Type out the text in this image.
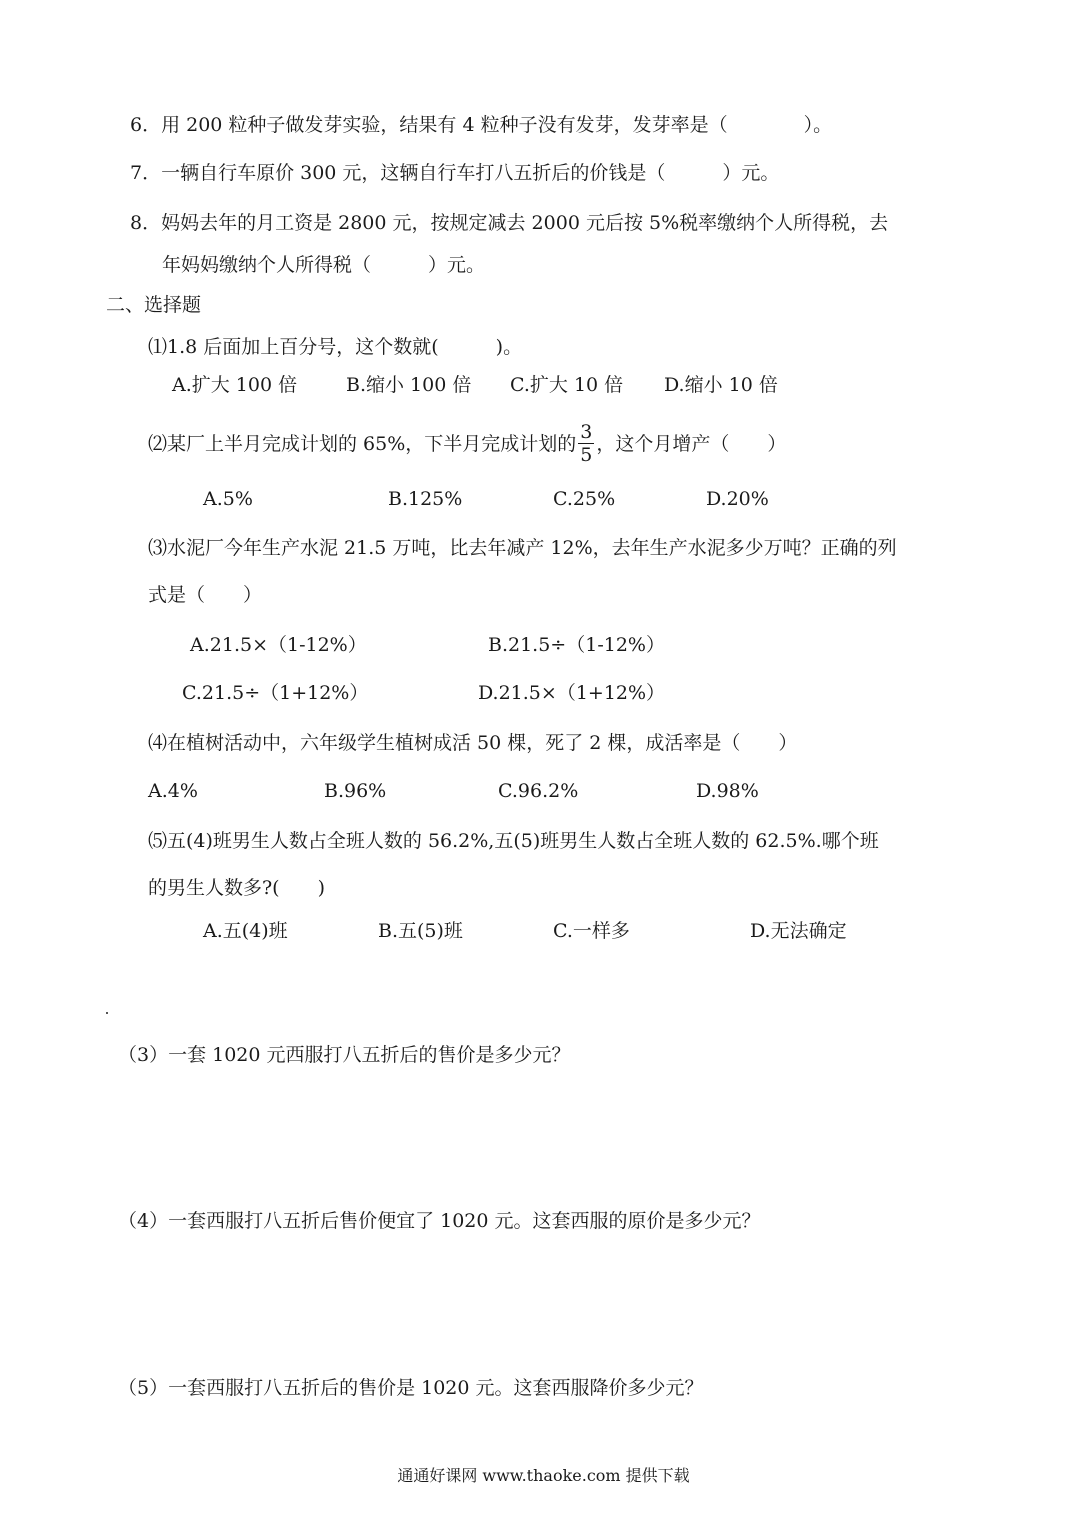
6．用 200 粒种子做发芽实验，结果有 4 粒种子没有发芽，发芽率是（　　　　）。
7．一辆自行车原价 300 元，这辆自行车打八五折后的价钱是（　　　）元。
8．妈妈去年的月工资是 2800 元，按规定减去 2000 元后按 5%税率缴纳个人所得税，去
年妈妈缴纳个人所得税（　　　）元。
二、选择题
⑴1.8 后面加上百分号，这个数就(　　　)。
A.扩大 100 倍	B.缩小 100 倍 C.扩大 10 倍 D.缩小 10 倍
⑵某厂上半月完成计划的 65%，下半月完成计划的 $\frac{3}{5}$ ，这个月增产（　　）
A.5%	B.125%	C.25%	D.20%
⑶水泥厂今年生产水泥 21.5 万吨，比去年减产 12%，去年生产水泥多少万吨？正确的列
式是（　　）
A.21.5×（1-12%）	B.21.5÷（1-12%）
C.21.5÷（1+12%）	D.21.5×（1+12%）
⑷在植树活动中，六年级学生植树成活 50 棵，死了 2 棵，成活率是（　　）
A.4%	B.96%	C.96.2%	D.98%
⑸五(4)班男生人数占全班人数的 56.2%,五(5)班男生人数占全班人数的 62.5%.哪个班
的男生人数多?(　　)
A.五(4)班	B.五(5)班	C.一样多	D.无法确定
（3）一套 1020 元西服打八五折后的售价是多少元？
（4）一套西服打八五折后售价便宜了 1020 元。这套西服的原价是多少元？
（5）一套西服打八五折后的售价是 1020 元。这套西服降价多少元？
通通好课网 www.thaoke.com 提供下载
